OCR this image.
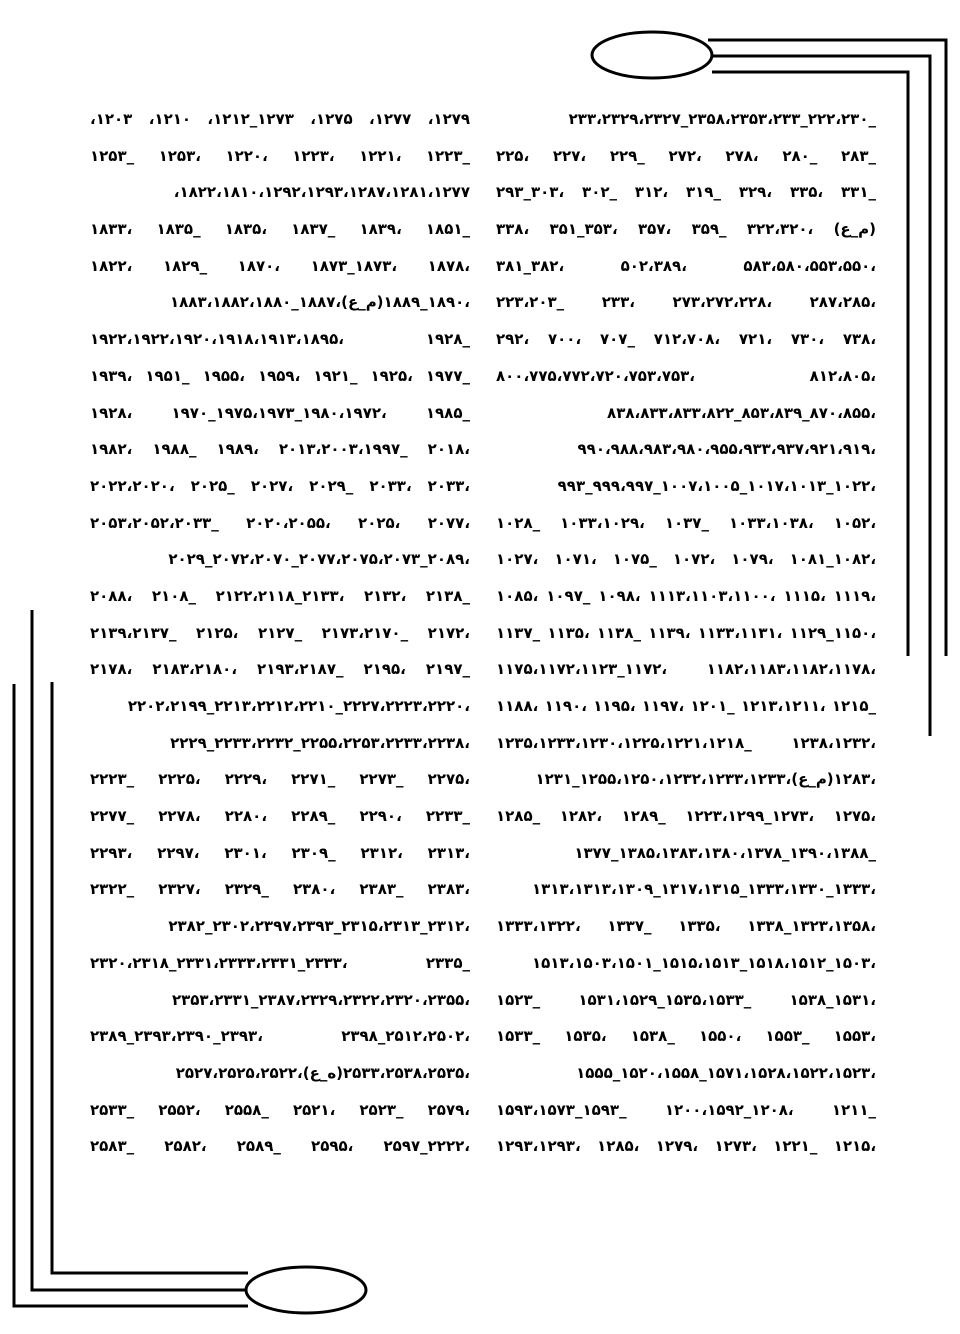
_۲۲۲،۲۳۰_۲۳۵۸،۲۳۵۳،۲۳۳_۲۳۳،۲۳۲۹،۲۳۲۷
_۲۸۳ _۲۸۰ ،۲۷۸ ،۲۷۲ _۲۲۹ ،۲۲۷ ،۲۲۵
_۳۳۱ ،۳۳۵ ،۳۲۹ _۳۱۹ ،۳۱۲ _۳۰۲ ،۳۰۳_۲۹۳
(م_ع) ،۳۲۲،۳۲۰ _۳۵۹ ،۳۵۷ ،۳۵۳_۳۵۱ ،۳۳۸
،۵۸۳،۵۸۰،۵۵۳،۵۵۰ ،۵۰۲،۳۸۹ ،۳۸۲_۳۸۱
،۲۸۷،۲۸۵ ،۲۷۳،۲۷۲،۲۲۸ ،۲۳۳ _۲۲۳،۲۰۳
،۷۳۸ ،۷۳۰ ،۷۲۱ ،۷۱۲،۷۰۸ _۷۰۷ ،۷۰۰ ،۲۹۲
،۸۱۲،۸۰۵ ،۸۰۰،۷۷۵،۷۷۲،۷۲۰،۷۵۳،۷۵۳
،۸۷۰،۸۵۵_۸۵۳،۸۳۹_۸۳۸،۸۳۳،۸۳۳،۸۲۲
،۹۹۰،۹۸۸،۹۸۳،۹۸۰،۹۵۵،۹۳۳،۹۳۷،۹۲۱،۹۱۹
،۱۰۲۲_۱۰۱۷،۱۰۱۳_۱۰۰۷،۱۰۰۵_۹۹۹،۹۹۷_۹۹۳
،۱۰۵۲ ،۱۰۳۳،۱۰۳۸ _۱۰۳۷ ،۱۰۳۳،۱۰۲۹ _۱۰۲۸
،۱۰۸۲_۱۰۸۱ ،۱۰۷۹ ،۱۰۷۲ _۱۰۷۵ ،۱۰۷۱ ،۱۰۲۷
،۱۱۱۹ ،۱۱۱۵ ،۱۱۱۳،۱۱۰۳،۱۱۰۰ ،۱۰۹۸ _۱۰۹۷ ،۱۰۸۵
،۱۱۵۰_۱۱۲۹ ،۱۱۳۳،۱۱۳۱ ،۱۱۳۹ _۱۱۳۸ ،۱۱۳۵ _۱۱۳۷
،۱۱۸۲،۱۱۸۳،۱۱۸۲،۱۱۷۸ ،۱۱۷۲_۱۱۷۵،۱۱۷۲،۱۱۲۳
_۱۲۱۵ ،۱۲۱۳،۱۲۱۱ _۱۲۰۱ ،۱۱۹۷ ،۱۱۹۵ ،۱۱۹۰ ،۱۱۸۸
،۱۲۳۸،۱۲۳۲ _۱۲۳۵،۱۲۳۳،۱۲۳۰،۱۲۲۵،۱۲۲۱،۱۲۱۸
،۱۲۸۳(م_ع)،۱۲۵۵،۱۲۵۰،۱۲۳۲،۱۲۳۳،۱۲۳۳_۱۲۳۱
،۱۲۷۵ ،۱۲۷۳_۱۲۲۳،۱۲۹۹ _۱۲۸۹ ،۱۲۸۲ _۱۲۸۵
_۱۳۹۰،۱۳۸۸_۱۳۸۵،۱۳۸۳،۱۳۸۰،۱۳۷۸_۱۳۷۷
،۱۳۳۳_۱۳۳۳،۱۳۳۰_۱۳۱۷،۱۳۱۵_۱۳۱۳،۱۳۱۳،۱۳۰۹
،۱۳۲۳،۱۳۵۸_۱۳۳۸ ،۱۳۳۵ _۱۳۳۷ ،۱۳۳۳،۱۳۲۲
،۱۵۰۳_۱۵۱۸،۱۵۱۲_۱۵۱۵،۱۵۱۳_۱۵۱۳،۱۵۰۳،۱۵۰۱
،۱۵۳۱_۱۵۳۸ _۱۵۳۵،۱۵۳۳_۱۵۳۱،۱۵۲۹ _۱۵۲۳
،۱۵۵۳ _۱۵۵۳ ،۱۵۵۰ _۱۵۳۸ ،۱۵۳۵ _۱۵۳۳
،۱۵۷۱،۱۵۲۸،۱۵۲۲،۱۵۲۳_۱۵۲۰،۱۵۵۸_۱۵۵۵
_۱۲۱۱ ،۱۲۰۸_۱۲۰۰،۱۵۹۲ _۱۵۹۳_۱۵۹۳،۱۵۷۳
،۱۲۱۵ _۱۲۲۱ ،۱۲۷۳ ،۱۲۷۹ ،۱۲۸۵ ،۱۲۹۳،۱۲۹۳
۱۲۷۹، ۱۲۷۷، ۱۲۷۵، ۱۲۷۳_۱۲۱۲، ۱۲۱۰، ۱۲۰۳،
_۱۲۲۳ ،۱۲۲۱ ،۱۲۲۳ ،۱۲۲۰ ،۱۲۵۳ _۱۲۵۳
۱۸۲۲،۱۸۱۰،۱۲۹۲،۱۲۹۳،۱۲۸۷،۱۲۸۱،۱۲۷۷،
_۱۸۵۱ ،۱۸۳۹ _۱۸۳۷ ،۱۸۳۵ _۱۸۳۵ ،۱۸۳۳
،۱۸۷۸ ،۱۸۷۳_۱۸۷۳ ،۱۸۷۰ _۱۸۲۹ ،۱۸۲۲
،۱۸۹۰_۱۸۸۹(م_ع)،۱۸۸۷_۱۸۸۳،۱۸۸۲،۱۸۸۰
_۱۹۲۸ ،۱۹۲۲،۱۹۲۲،۱۹۲۰،۱۹۱۸،۱۹۱۳،۱۸۹۵
_۱۹۷۷ ،۱۹۲۵ _۱۹۲۱ ،۱۹۵۹ ،۱۹۵۵ _۱۹۵۱ ،۱۹۳۹
_۱۹۸۵ ،۱۹۸۰،۱۹۷۲_۱۹۷۵،۱۹۷۳_۱۹۷۰ ،۱۹۲۸
،۲۰۱۸ _۲۰۱۳،۲۰۰۳،۱۹۹۷ ،۱۹۸۹ _۱۹۸۸ ،۱۹۸۲
،۲۰۳۳ ،۲۰۳۳ _۲۰۲۹ ،۲۰۲۷ _۲۰۲۵ ،۲۰۲۲،۲۰۲۰
،۲۰۷۷ ،۲۰۲۵ ،۲۰۲۰،۲۰۵۵ _۲۰۵۳،۲۰۵۲،۲۰۳۳
،۲۰۸۹_۲۰۷۷،۲۰۷۵،۲۰۷۳_۲۰۷۲،۲۰۷۰_۲۰۲۹
_۲۱۳۸ ،۲۱۳۲ ،۲۱۳۳_۲۱۲۲،۲۱۱۸ _۲۱۰۸ ،۲۰۸۸
،۲۱۷۲ _۲۱۷۳،۲۱۷۰ _۲۱۲۷ ،۲۱۲۵ _۲۱۳۹،۲۱۳۷
_۲۱۹۷ ،۲۱۹۵ _۲۱۹۳،۲۱۸۷ ،۲۱۸۳،۲۱۸۰ ،۲۱۷۸
،۲۲۲۷،۲۲۲۳،۲۲۲۰_۲۲۱۳،۲۲۱۲،۲۲۱۰_۲۲۰۲،۲۱۹۹
،۲۲۵۵،۲۲۵۳،۲۲۳۳،۲۲۳۸_۲۲۳۳،۲۲۳۲_۲۲۲۹
،۲۲۷۵ _۲۲۷۳ _۲۲۷۱ ،۲۲۲۹ ،۲۲۲۵ _۲۲۲۳
_۲۲۳۳ ،۲۲۹۰ _۲۲۸۹ ،۲۲۸۰ ،۲۲۷۸ _۲۲۷۷
،۲۳۱۳ ،۲۳۱۲ _۲۳۰۹ ،۲۳۰۱ ،۲۲۹۷ ،۲۲۹۳
،۲۳۸۳ _۲۳۸۳ ،۲۳۸۰ _۲۳۲۹ ،۲۳۲۷ _۲۳۲۲
،۲۳۱۲_۲۳۱۵،۲۳۱۳_۲۳۰۲،۲۳۹۷،۲۳۹۳_۲۳۸۲
_۲۳۳۵ ،۲۳۳۳_۲۳۳۱،۲۳۳۳،۲۳۳۱_۲۳۲۰،۲۳۱۸
،۲۳۸۷،۲۳۲۹،۲۳۲۲،۲۳۲۰،۲۳۵۵_۲۳۵۳،۲۳۳۱
،۲۵۱۲،۲۵۰۲_۲۳۹۸ ،۲۳۹۳_۲۳۹۳،۲۳۹۰_۲۳۸۹
،۲۵۳۳،۲۵۳۸،۲۵۳۵(ه_ع)،۲۵۲۷،۲۵۲۵،۲۵۲۲
،۲۵۷۹ _۲۵۲۳ ،۲۵۲۱ _۲۵۵۸ ،۲۵۵۲ _۲۵۳۳
،۲۲۲۲_۲۵۹۷ ،۲۵۹۵ _۲۵۸۹ ،۲۵۸۲ _۲۵۸۳
